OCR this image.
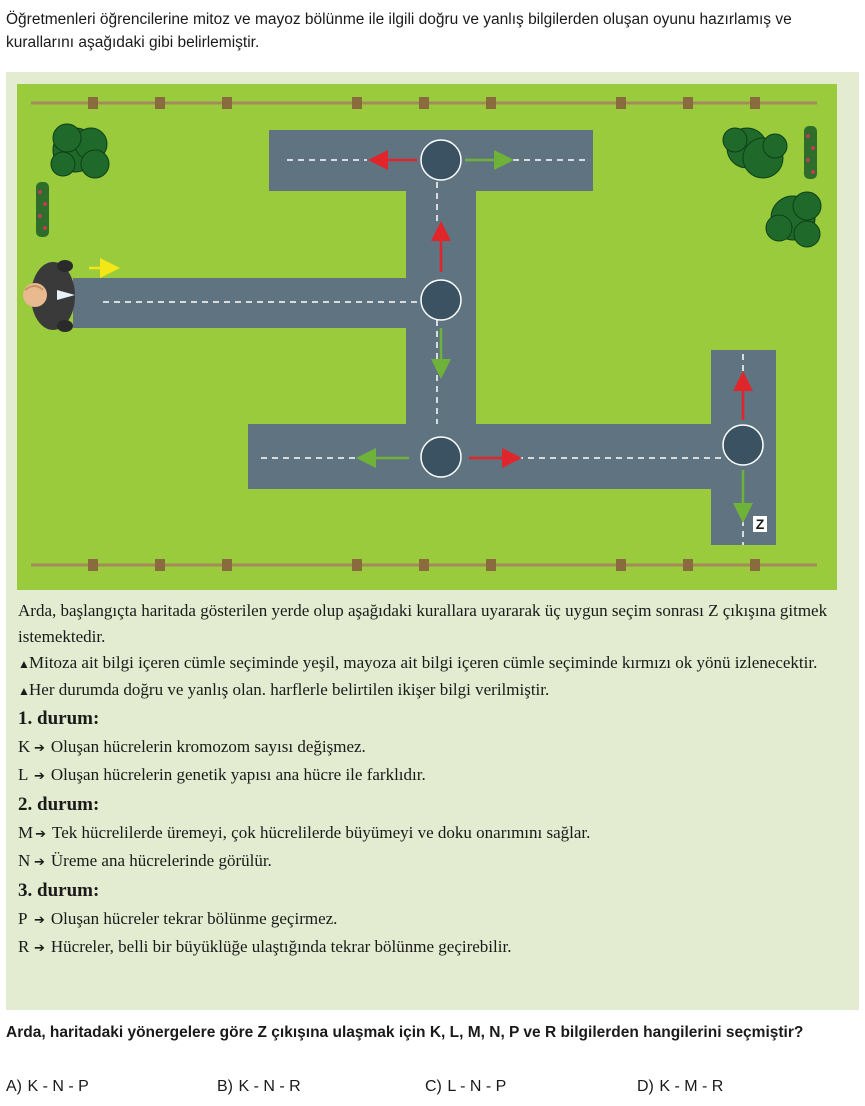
Öğretmenleri öğrencilerine mitoz ve mayoz bölünme ile ilgili doğru ve yanlış bilgilerden oluşan oyunu hazırlamış ve kurallarını aşağıdaki gibi belirlemiştir.
Z

Arda, başlangıçta haritada gösterilen yerde olup aşağıdaki kurallara uyararak üç uygun seçim sonrası Z çıkışına gitmek istemektedir.

▲Mitoza ait bilgi içeren cümle seçiminde yeşil, mayoza ait bilgi içeren cümle seçiminde kırmızı ok yönü izlenecektir.

▲Her durumda doğru ve yanlış olan. harflerle belirtilen ikişer bilgi verilmiştir.

1. durum:

K ➔ Oluşan hücrelerin kromozom sayısı değişmez.

L ➔ Oluşan hücrelerin genetik yapısı ana hücre ile farklıdır.

2. durum:

M ➔ Tek hücrelilerde üremeyi, çok hücrelilerde büyümeyi ve doku onarımını sağlar.

N ➔ Üreme ana hücrelerinde görülür.

3. durum:

P ➔ Oluşan hücreler tekrar bölünme geçirmez.

R ➔ Hücreler, belli bir büyüklüğe ulaştığında tekrar bölünme geçirebilir.

Arda, haritadaki yönergelere göre Z çıkışına ulaşmak için K, L, M, N, P ve R bilgilerden hangilerini seçmiştir?
A) K - N - P	B) K - N - R	C) L - N - P	D) K - M - R
